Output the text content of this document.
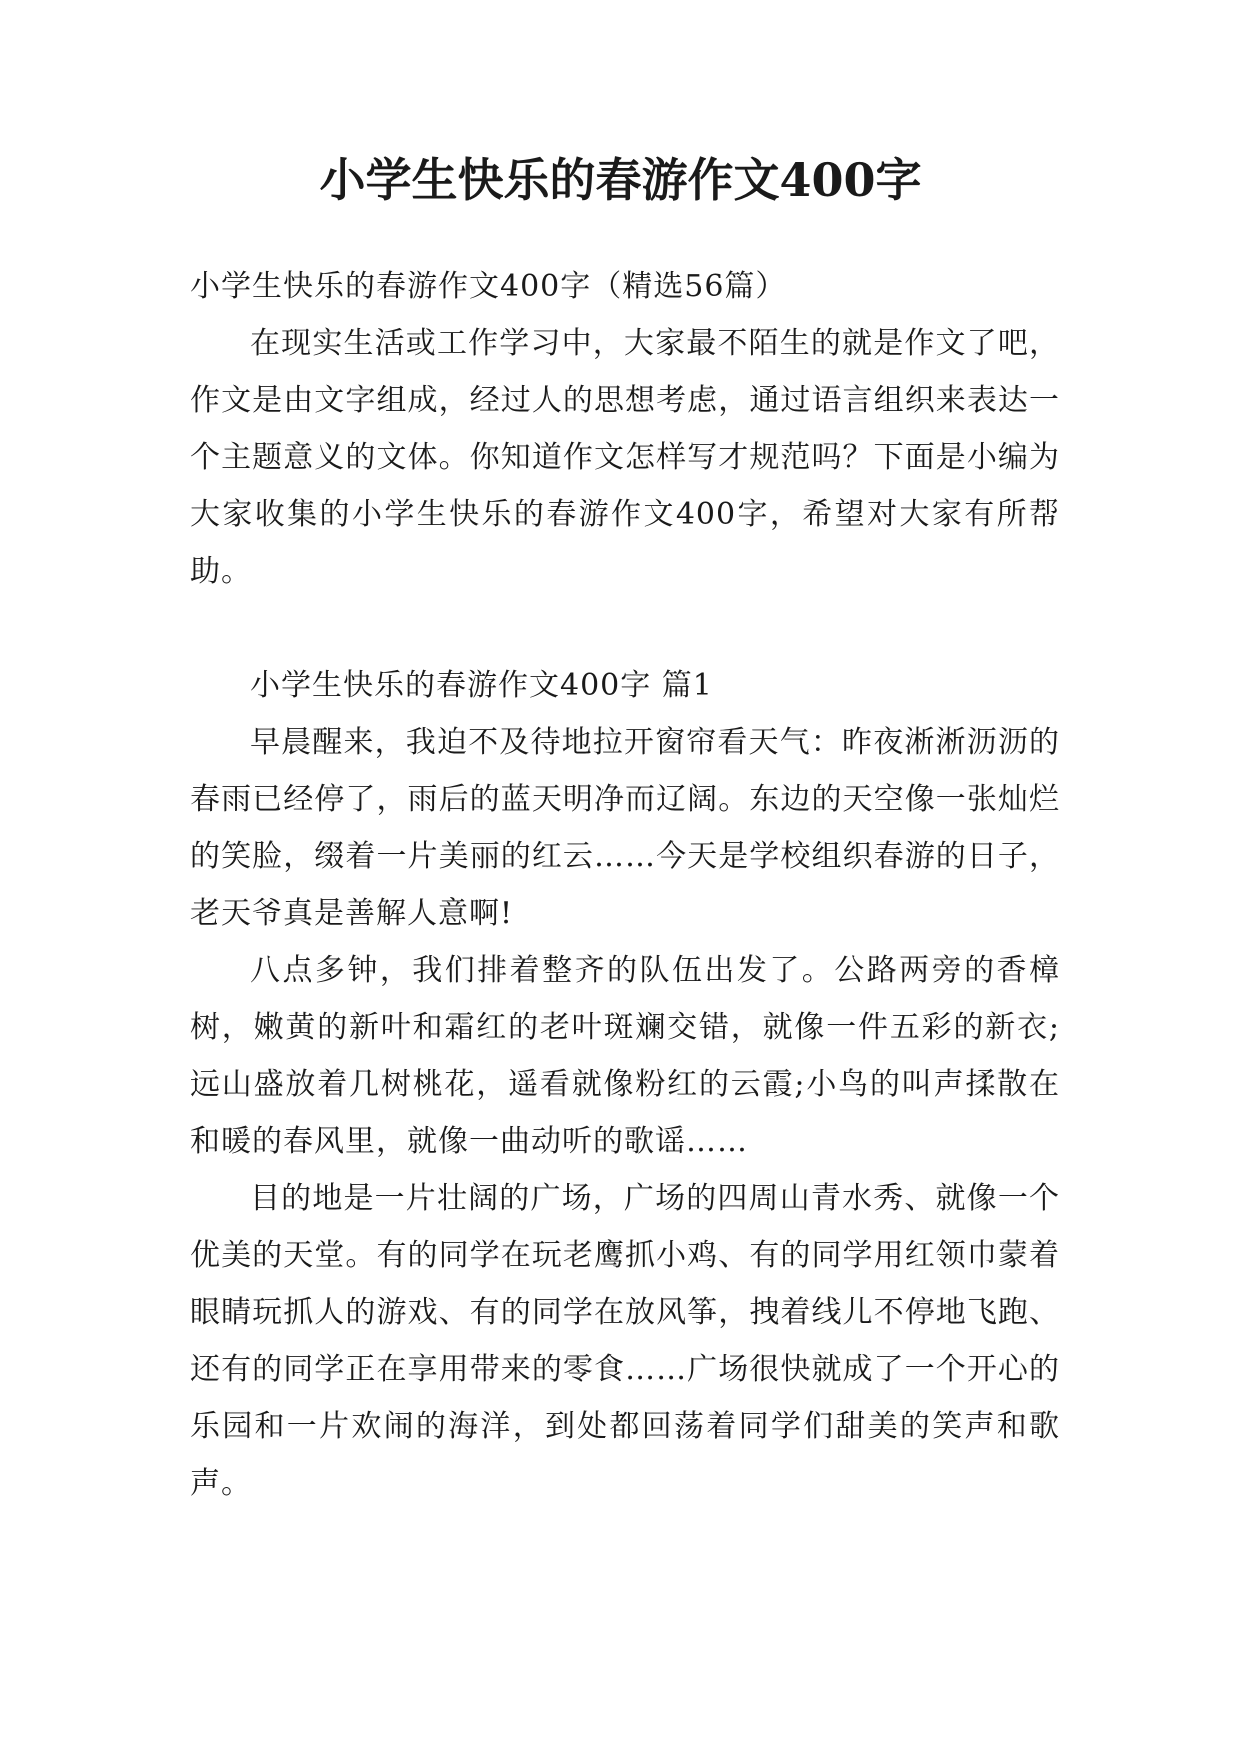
小学生快乐的春游作文400字

小学生快乐的春游作文400字（精选56篇）

在现实生活或工作学习中，大家最不陌生的就是作文了吧，作文是由文字组成，经过人的思想考虑，通过语言组织来表达一个主题意义的文体。你知道作文怎样写才规范吗？下面是小编为大家收集的小学生快乐的春游作文400字，希望对大家有所帮助。

小学生快乐的春游作文400字 篇1

早晨醒来，我迫不及待地拉开窗帘看天气：昨夜淅淅沥沥的春雨已经停了，雨后的蓝天明净而辽阔。东边的天空像一张灿烂的笑脸，缀着一片美丽的红云……今天是学校组织春游的日子，老天爷真是善解人意啊!

八点多钟，我们排着整齐的队伍出发了。公路两旁的香樟树，嫩黄的新叶和霜红的老叶斑斓交错，就像一件五彩的新衣;远山盛放着几树桃花，遥看就像粉红的云霞;小鸟的叫声揉散在和暖的春风里，就像一曲动听的歌谣……

目的地是一片壮阔的广场，广场的四周山青水秀、就像一个优美的天堂。有的同学在玩老鹰抓小鸡、有的同学用红领巾蒙着眼睛玩抓人的游戏、有的同学在放风筝，拽着线儿不停地飞跑、还有的同学正在享用带来的零食……广场很快就成了一个开心的乐园和一片欢闹的海洋，到处都回荡着同学们甜美的笑声和歌声。
